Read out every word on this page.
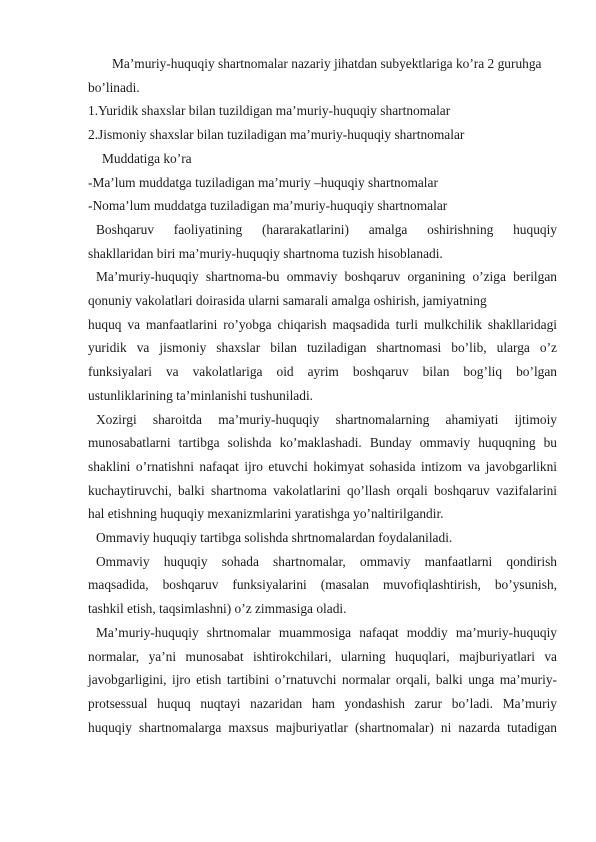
Ma’muriy-huquqiy shartnomalar nazariy jihatdan subyektlariga ko’ra 2 guruhga
bo’linadi.
1.Yuridik shaxslar bilan tuzildigan ma’muriy-huquqiy shartnomalar
2.Jismoniy shaxslar bilan tuziladigan ma’muriy-huquqiy shartnomalar
Muddatiga ko’ra
-Ma’lum muddatga tuziladigan ma’muriy –huquqiy shartnomalar
-Noma’lum muddatga tuziladigan ma’muriy-huquqiy shartnomalar
Boshqaruv faoliyatining (hararakatlarini) amalga oshirishning huquqiy
shakllaridan biri ma’muriy-huquqiy shartnoma tuzish hisoblanadi.
Ma’muriy-huquqiy shartnoma-bu ommaviy boshqaruv organining o’ziga berilgan
qonuniy vakolatlari doirasida ularni samarali amalga oshirish, jamiyatning
huquq va manfaatlarini ro’yobga chiqarish maqsadida turli mulkchilik shakllaridagi
yuridik va jismoniy shaxslar bilan tuziladigan shartnomasi bo’lib, ularga o’z
funksiyalari va vakolatlariga oid ayrim boshqaruv bilan bog’liq bo’lgan
ustunliklarining ta’minlanishi tushuniladi.
Xozirgi sharoitda ma’muriy-huquqiy shartnomalarning ahamiyati ijtimoiy
munosabatlarni tartibga solishda ko’maklashadi. Bunday ommaviy huquqning bu
shaklini o’rnatishni nafaqat ijro etuvchi hokimyat sohasida intizom va javobgarlikni
kuchaytiruvchi, balki shartnoma vakolatlarini qo’llash orqali boshqaruv vazifalarini
hal etishning huquqiy mexanizmlarini yaratishga yo’naltirilgandir.
Ommaviy huquqiy tartibga solishda shrtnomalardan foydalaniladi.
Ommaviy huquqiy sohada shartnomalar, ommaviy manfaatlarni qondirish
maqsadida, boshqaruv funksiyalarini (masalan muvofiqlashtirish, bo’ysunish,
tashkil etish, taqsimlashni) o’z zimmasiga oladi.
Ma’muriy-huquqiy shrtnomalar muammosiga nafaqat moddiy ma’muriy-huquqiy
normalar, ya’ni munosabat ishtirokchilari, ularning huquqlari, majburiyatlari va
javobgarligini, ijro etish tartibini o’rnatuvchi normalar orqali, balki unga ma’muriy-
protsessual huquq nuqtayi nazaridan ham yondashish zarur bo’ladi. Ma’muriy
huquqiy shartnomalarga maxsus majburiyatlar (shartnomalar) ni nazarda tutadigan
